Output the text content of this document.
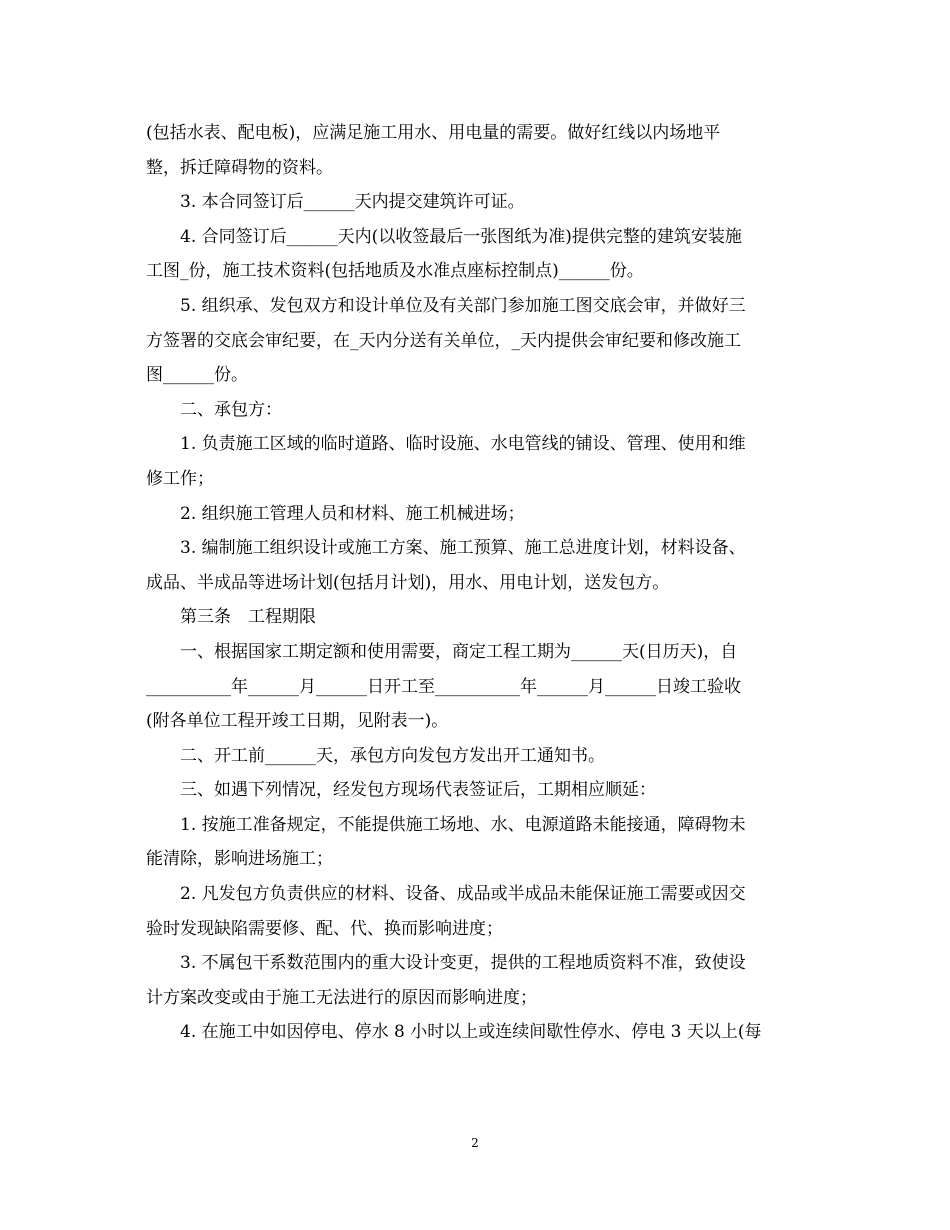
(包括水表、配电板)，应满足施工用水、用电量的需要。做好红线以内场地平
整，拆迁障碍物的资料。
　　3. 本合同签订后______天内提交建筑许可证。
　　4. 合同签订后______天内(以收签最后一张图纸为准)提供完整的建筑安装施
工图_份，施工技术资料(包括地质及水准点座标控制点)______份。
　　5. 组织承、发包双方和设计单位及有关部门参加施工图交底会审，并做好三
方签署的交底会审纪要，在_天内分送有关单位，_天内提供会审纪要和修改施工
图______份。
　　二、承包方：
　　1. 负责施工区域的临时道路、临时设施、水电管线的铺设、管理、使用和维
修工作；
　　2. 组织施工管理人员和材料、施工机械进场；
　　3. 编制施工组织设计或施工方案、施工预算、施工总进度计划，材料设备、
成品、半成品等进场计划(包括月计划)，用水、用电计划，送发包方。
　　第三条　工程期限
　　一、根据国家工期定额和使用需要，商定工程工期为______天(日历天)，自
__________年______月______日开工至__________年______月______日竣工验收
(附各单位工程开竣工日期，见附表一)。
　　二、开工前______天，承包方向发包方发出开工通知书。
　　三、如遇下列情况，经发包方现场代表签证后，工期相应顺延：
　　1. 按施工准备规定，不能提供施工场地、水、电源道路未能接通，障碍物未
能清除，影响进场施工；
　　2. 凡发包方负责供应的材料、设备、成品或半成品未能保证施工需要或因交
验时发现缺陷需要修、配、代、换而影响进度；
　　3. 不属包干系数范围内的重大设计变更，提供的工程地质资料不准，致使设
计方案改变或由于施工无法进行的原因而影响进度；
　　4. 在施工中如因停电、停水 8 小时以上或连续间歇性停水、停电 3 天以上(每
2
